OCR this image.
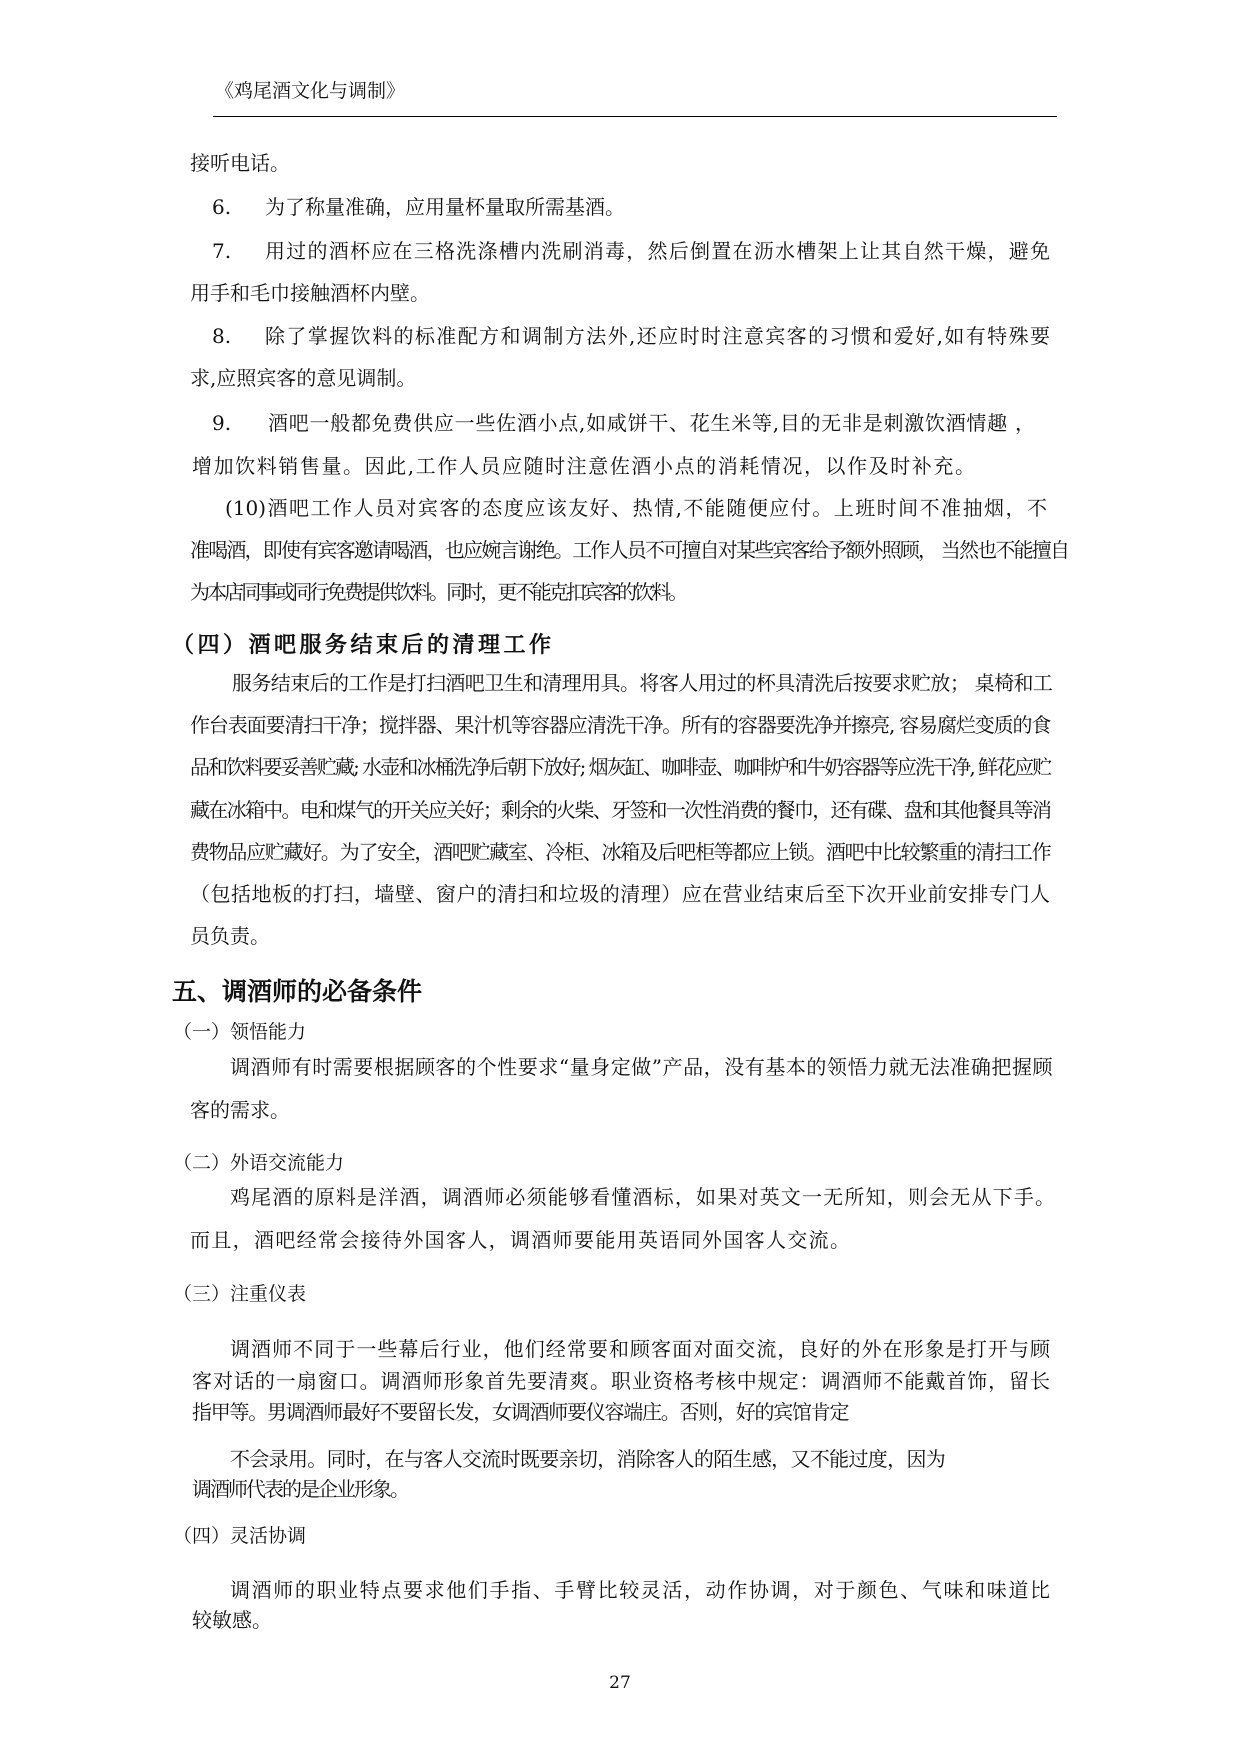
《鸡尾酒文化与调制》
接听电话。
6. 为了称量准确，应用量杯量取所需基酒。
7. 用过的酒杯应在三格洗涤槽内洗刷消毒，然后倒置在沥水槽架上让其自然干燥，避免
用手和毛巾接触酒杯内壁。
8. 除了掌握饮料的标准配方和调制方法外,还应时时注意宾客的习惯和爱好,如有特殊要
求,应照宾客的意见调制。
9. 酒吧一般都免费供应一些佐酒小点,如咸饼干、花生米等,目的无非是刺激饮酒情趣 ，
增加饮料销售量。因此,工作人员应随时注意佐酒小点的消耗情况，以作及时补充。
(10)酒吧工作人员对宾客的态度应该友好、热情,不能随便应付。上班时间不准抽烟，不
准喝酒，即使有宾客邀请喝酒，也应婉言谢绝。工作人员不可擅自对某些宾客给予额外照顾， 当然也不能擅自
为本店同事或同行免费提供饮料。同时，更不能克扣宾客的饮料。
（四）酒吧服务结束后的清理工作
服务结束后的工作是打扫酒吧卫生和清理用具。将客人用过的杯具清洗后按要求贮放； 桌椅和工
作台表面要清扫干净；搅拌器、果汁机等容器应清洗干净。所有的容器要洗净并擦亮, 容易腐烂变质的食
品和饮料要妥善贮藏; 水壶和冰桶洗净后朝下放好; 烟灰缸、咖啡壶、咖啡炉和牛奶容器等应洗干净, 鲜花应贮
藏在冰箱中。电和煤气的开关应关好；剩余的火柴、牙签和一次性消费的餐巾，还有碟、盘和其他餐具等消
费物品应贮藏好。为了安全，酒吧贮藏室、冷柜、冰箱及后吧柜等都应上锁。酒吧中比较繁重的清扫工作
（包括地板的打扫，墙壁、窗户的清扫和垃圾的清理）应在营业结束后至下次开业前安排专门人
员负责。
五、调酒师的必备条件
（一）领悟能力
调酒师有时需要根据顾客的个性要求“量身定做”产品，没有基本的领悟力就无法准确把握顾
客的需求。
（二）外语交流能力
鸡尾酒的原料是洋酒，调酒师必须能够看懂酒标，如果对英文一无所知，则会无从下手。
而且，酒吧经常会接待外国客人，调酒师要能用英语同外国客人交流。
（三）注重仪表
调酒师不同于一些幕后行业，他们经常要和顾客面对面交流，良好的外在形象是打开与顾
客对话的一扇窗口。调酒师形象首先要清爽。职业资格考核中规定：调酒师不能戴首饰，留长
指甲等。男调酒师最好不要留长发，女调酒师要仪容端庄。否则，好的宾馆肯定
不会录用。同时，在与客人交流时既要亲切，消除客人的陌生感，又不能过度，因为
调酒师代表的是企业形象。
（四）灵活协调
调酒师的职业特点要求他们手指、手臂比较灵活，动作协调，对于颜色、气味和味道比
较敏感。
27
